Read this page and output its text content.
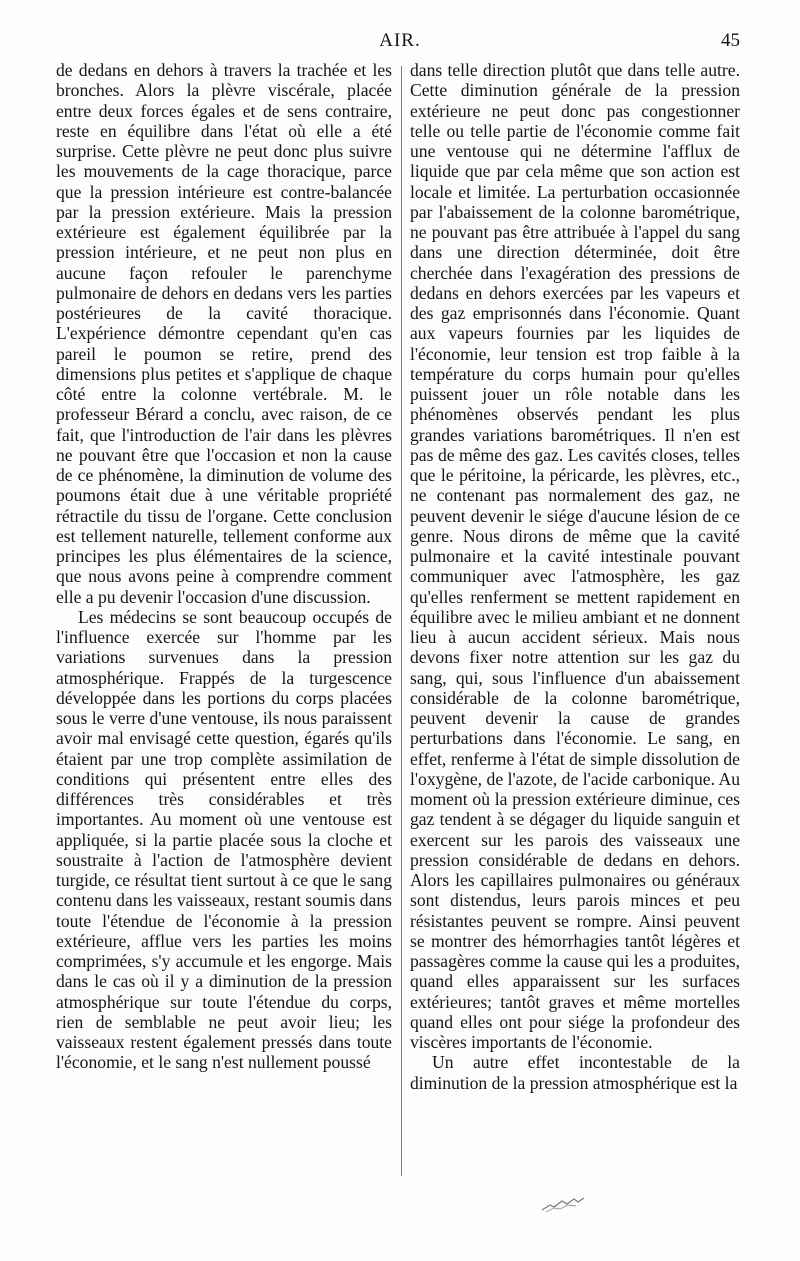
AIR.	45

de dedans en dehors à travers la trachée et les bronches. Alors la plèvre viscérale, placée entre deux forces égales et de sens contraire, reste en équilibre dans l'état où elle a été surprise. Cette plèvre ne peut donc plus suivre les mouvements de la cage thoracique, parce que la pression intérieure est contre-balancée par la pression extérieure. Mais la pression extérieure est également équilibrée par la pression intérieure, et ne peut non plus en aucune façon refouler le parenchyme pulmonaire de dehors en dedans vers les parties postérieures de la cavité thoracique. L'expérience démontre cependant qu'en cas pareil le poumon se retire, prend des dimensions plus petites et s'applique de chaque côté entre la colonne vertébrale. M. le professeur Bérard a conclu, avec raison, de ce fait, que l'introduction de l'air dans les plèvres ne pouvant être que l'occasion et non la cause de ce phénomène, la diminution de volume des poumons était due à une véritable propriété rétractile du tissu de l'organe. Cette conclusion est tellement naturelle, tellement conforme aux principes les plus élémentaires de la science, que nous avons peine à comprendre comment elle a pu devenir l'occasion d'une discussion.

Les médecins se sont beaucoup occupés de l'influence exercée sur l'homme par les variations survenues dans la pression atmosphérique. Frappés de la turgescence développée dans les portions du corps placées sous le verre d'une ventouse, ils nous paraissent avoir mal envisagé cette question, égarés qu'ils étaient par une trop complète assimilation de conditions qui présentent entre elles des différences très considérables et très importantes. Au moment où une ventouse est appliquée, si la partie placée sous la cloche et soustraite à l'action de l'atmosphère devient turgide, ce résultat tient surtout à ce que le sang contenu dans les vaisseaux, restant soumis dans toute l'étendue de l'économie à la pression extérieure, afflue vers les parties les moins comprimées, s'y accumule et les engorge. Mais dans le cas où il y a diminution de la pression atmosphérique sur toute l'étendue du corps, rien de semblable ne peut avoir lieu; les vaisseaux restent également pressés dans toute l'économie, et le sang n'est nullement poussé

dans telle direction plutôt que dans telle autre. Cette diminution générale de la pression extérieure ne peut donc pas congestionner telle ou telle partie de l'économie comme fait une ventouse qui ne détermine l'afflux de liquide que par cela même que son action est locale et limitée. La perturbation occasionnée par l'abaissement de la colonne barométrique, ne pouvant pas être attribuée à l'appel du sang dans une direction déterminée, doit être cherchée dans l'exagération des pressions de dedans en dehors exercées par les vapeurs et des gaz emprisonnés dans l'économie. Quant aux vapeurs fournies par les liquides de l'économie, leur tension est trop faible à la température du corps humain pour qu'elles puissent jouer un rôle notable dans les phénomènes observés pendant les plus grandes variations barométriques. Il n'en est pas de même des gaz. Les cavités closes, telles que le péritoine, la péricarde, les plèvres, etc., ne contenant pas normalement des gaz, ne peuvent devenir le siége d'aucune lésion de ce genre. Nous dirons de même que la cavité pulmonaire et la cavité intestinale pouvant communiquer avec l'atmosphère, les gaz qu'elles renferment se mettent rapidement en équilibre avec le milieu ambiant et ne donnent lieu à aucun accident sérieux. Mais nous devons fixer notre attention sur les gaz du sang, qui, sous l'influence d'un abaissement considérable de la colonne barométrique, peuvent devenir la cause de grandes perturbations dans l'économie. Le sang, en effet, renferme à l'état de simple dissolution de l'oxygène, de l'azote, de l'acide carbonique. Au moment où la pression extérieure diminue, ces gaz tendent à se dégager du liquide sanguin et exercent sur les parois des vaisseaux une pression considérable de dedans en dehors. Alors les capillaires pulmonaires ou généraux sont distendus, leurs parois minces et peu résistantes peuvent se rompre. Ainsi peuvent se montrer des hémorrhagies tantôt légères et passagères comme la cause qui les a produites, quand elles apparaissent sur les surfaces extérieures; tantôt graves et même mortelles quand elles ont pour siége la profondeur des viscères importants de l'économie.

Un autre effet incontestable de la diminution de la pression atmosphérique est la
